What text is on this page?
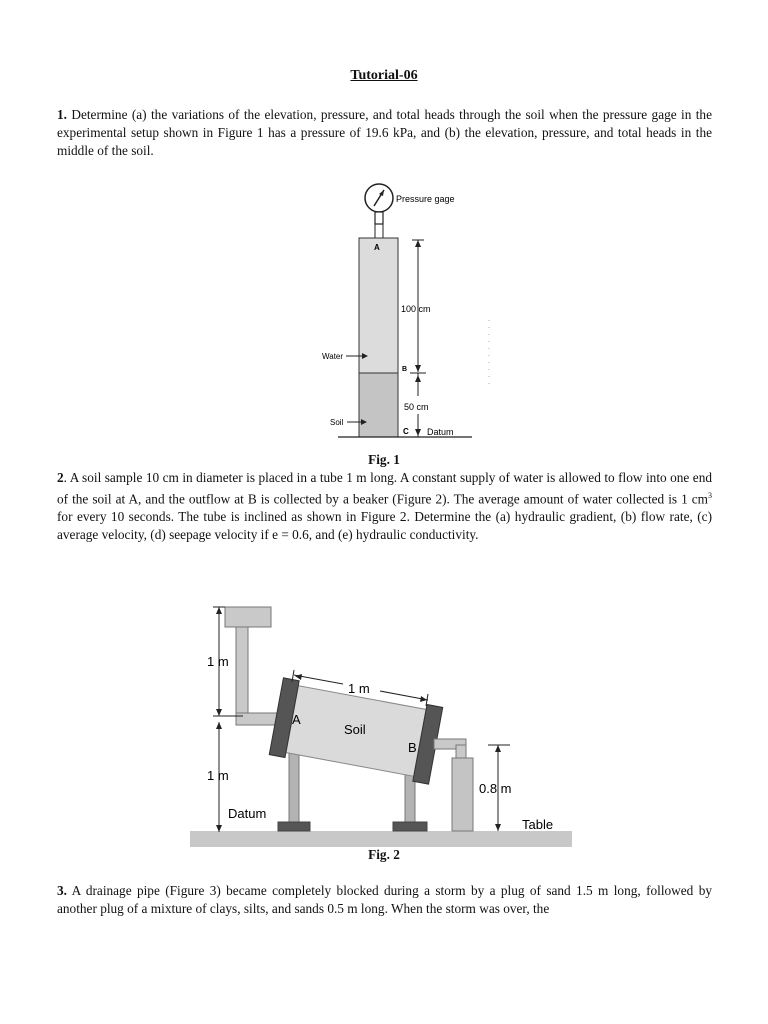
Tutorial-06
1. Determine (a) the variations of the elevation, pressure, and total heads through the soil when the pressure gage in the experimental setup shown in Figure 1 has a pressure of 19.6 kPa, and (b) the elevation, pressure, and total heads in the middle of the soil.
Pressure gage
A
B
C
100 cm
50 cm
Water
Soil
Datum
Fig. 1
2. A soil sample 10 cm in diameter is placed in a tube 1 m long. A constant supply of water is allowed to flow into one end of the soil at A, and the outflow at B is collected by a beaker (Figure 2). The average amount of water collected is 1 $cm^3$ for every 10 seconds. The tube is inclined as shown in Figure 2. Determine the (a) hydraulic gradient, (b) flow rate, (c) average velocity, (d) seepage velocity if e = 0.6, and (e) hydraulic conductivity.
1 m
1 m
Soil
A
B
1 m
0.8 m
Datum
Table
Fig. 2
3. A drainage pipe (Figure 3) became completely blocked during a storm by a plug of sand 1.5 m long, followed by another plug of a mixture of clays, silts, and sands 0.5 m long. When the storm was over, the
